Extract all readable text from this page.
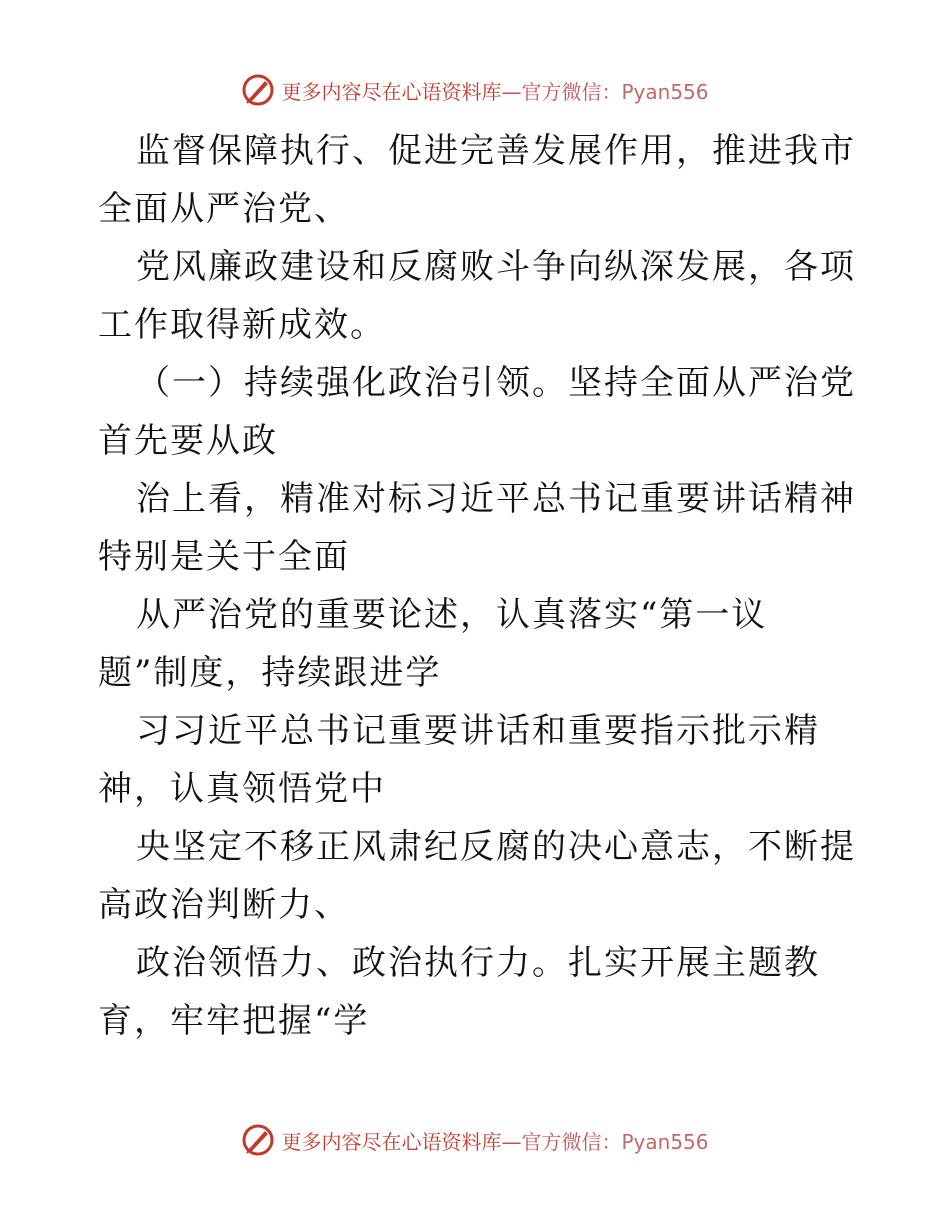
更多内容尽在心语资料库—官方微信：Pyan556

监督保障执行、促进完善发展作用，推进我市全面从严治党、

党风廉政建设和反腐败斗争向纵深发展，各项工作取得新成效。

（一）持续强化政治引领。坚持全面从严治党首先要从政

治上看，精准对标习近平总书记重要讲话精神特别是关于全面

从严治党的重要论述，认真落实“第一议题”制度，持续跟进学

习习近平总书记重要讲话和重要指示批示精神，认真领悟党中

央坚定不移正风肃纪反腐的决心意志，不断提高政治判断力、

政治领悟力、政治执行力。扎实开展主题教育，牢牢把握“学

更多内容尽在心语资料库—官方微信：Pyan556
